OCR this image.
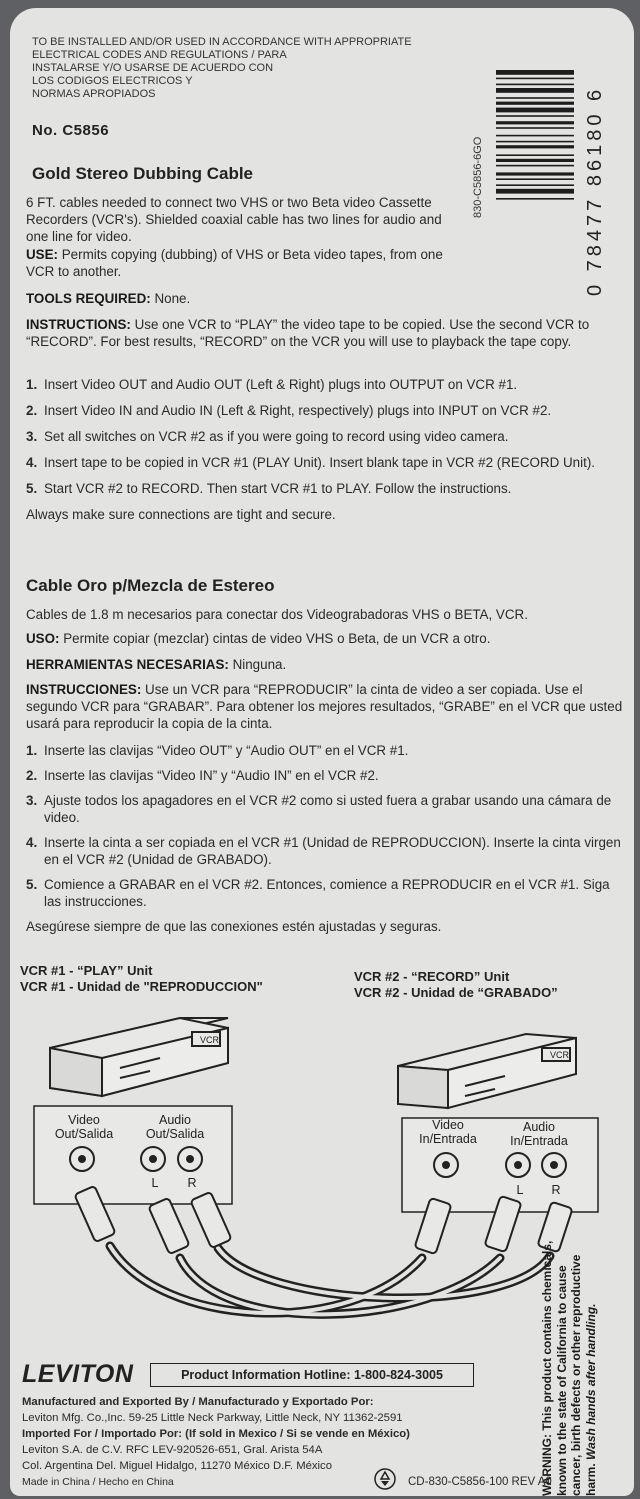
TO BE INSTALLED AND/OR USED IN ACCORDANCE WITH APPROPRIATE
ELECTRICAL CODES AND REGULATIONS / PARA
INSTALARSE Y/O USARSE DE ACUERDO CON
LOS CODIGOS ELECTRICOS Y
NORMAS APROPIADOS
830-C5856-6GO	0 78477 86180 6
No. C5856
Gold Stereo Dubbing Cable

6 FT. cables needed to connect two VHS or two Beta video Cassette Recorders (VCR's). Shielded coaxial cable has two lines for audio and one line for video.

USE: Permits copying (dubbing) of VHS or Beta video tapes, from one VCR to another.

TOOLS REQUIRED: None.

INSTRUCTIONS: Use one VCR to “PLAY” the video tape to be copied. Use the second VCR to “RECORD”. For best results, “RECORD” on the VCR you will use to playback the tape copy.

1. Insert Video OUT and Audio OUT (Left & Right) plugs into OUTPUT on VCR #1.
2. Insert Video IN and Audio IN (Left & Right, respectively) plugs into INPUT on VCR #2.
3. Set all switches on VCR #2 as if you were going to record using video camera.
4. Insert tape to be copied in VCR #1 (PLAY Unit). Insert blank tape in VCR #2 (RECORD Unit).
5. Start VCR #2 to RECORD. Then start VCR #1 to PLAY. Follow the instructions.
Always make sure connections are tight and secure.
Cable Oro p/Mezcla de Estereo

Cables de 1.8 m necesarios para conectar dos Videograbadoras VHS o BETA, VCR.

USO: Permite copiar (mezclar) cintas de video VHS o Beta, de un VCR a otro.

HERRAMIENTAS NECESARIAS: Ninguna.

INSTRUCCIONES: Use un VCR para “REPRODUCIR” la cinta de video a ser copiada. Use el segundo VCR para “GRABAR”. Para obtener los mejores resultados, “GRABE” en el VCR que usted usará para reproducir la copia de la cinta.

1. Inserte las clavijas “Video OUT” y “Audio OUT” en el VCR #1.
2. Inserte las clavijas “Video IN” y “Audio IN” en el VCR #2.
3. Ajuste todos los apagadores en el VCR #2 como si usted fuera a grabar usando una cámara de video.
4. Inserte la cinta a ser copiada en el VCR #1 (Unidad de REPRODUCCION). Inserte la cinta virgen en el VCR #2 (Unidad de GRABADO).
5. Comience a GRABAR en el VCR #2. Entonces, comience a REPRODUCIR en el VCR #1. Siga las instrucciones.
Asegúrese siempre de que las conexiones estén ajustadas y seguras.
VCR #1 - “PLAY” Unit
VCR #1 - Unidad de "REPRODUCCION"
VCR #2 - “RECORD” Unit
VCR #2 - Unidad de “GRABADO”
VCR
VCR
Video
Out/Salida
Audio
Out/Salida
L R
Video
In/Entrada
Audio
In/Entrada
L R
LEVITON	Product Information Hotline: 1-800-824-3005
Manufactured and Exported By / Manufacturado y Exportado Por:
Leviton Mfg. Co.,Inc. 59-25 Little Neck Parkway, Little Neck, NY 11362-2591
Imported For / Importado Por: (If sold in Mexico / Si se vende en México)
Leviton S.A. de C.V. RFC LEV-920526-651, Gral. Arista 54A
Col. Argentina Del. Miguel Hidalgo, 11270 México D.F. México
Made in China / Hecho en China	WARNING: This product contains chemicals, known to the state of California to cause cancer, birth defects or other reproductive harm. Wash hands after handling.
CD-830-C5856-100 REV A0
